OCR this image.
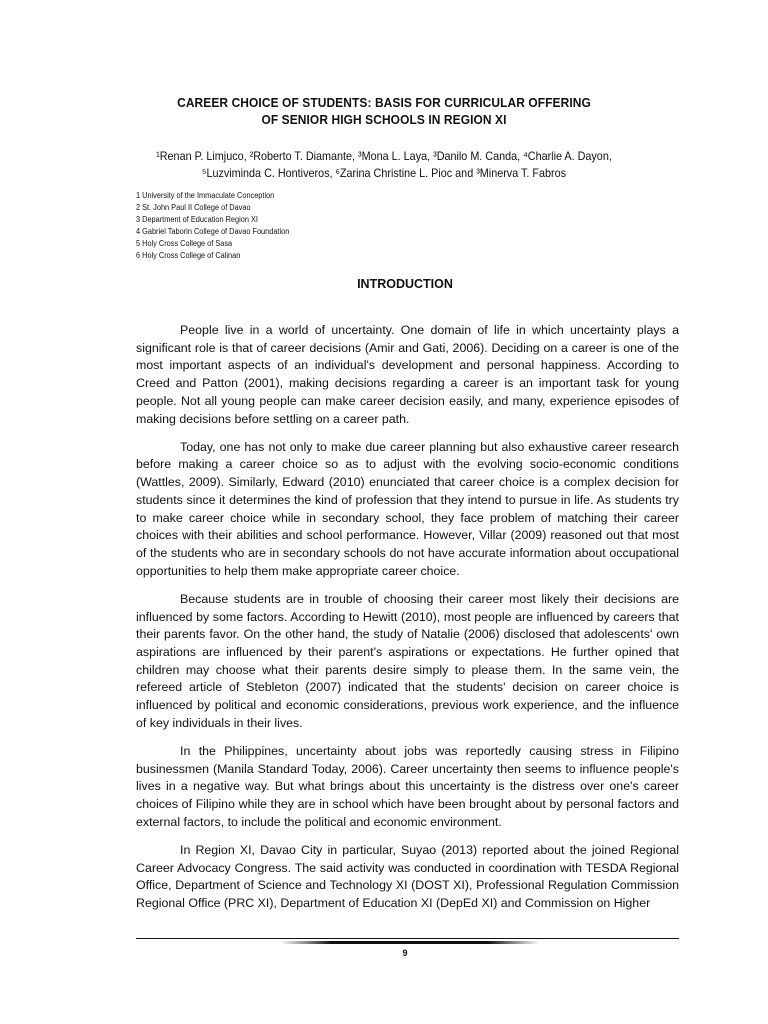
CAREER CHOICE OF STUDENTS: BASIS FOR CURRICULAR OFFERING
OF SENIOR HIGH SCHOOLS IN REGION XI
¹Renan P. Limjuco, ²Roberto T. Diamante, ³Mona L. Laya, ³Danilo M. Canda, ⁴Charlie A. Dayon,
⁵Luzviminda C. Hontiveros, ⁶Zarina Christine L. Pioc and ³Minerva T. Fabros
1 University of the Immaculate Conception
2 St. John Paul II College of Davao
3 Department of Education Region XI
4 Gabriel Taborin College of Davao Foundation
5 Holy Cross College of Sasa
6 Holy Cross College of Calinan
INTRODUCTION

People live in a world of uncertainty. One domain of life in which uncertainty plays a significant role is that of career decisions (Amir and Gati, 2006). Deciding on a career is one of the most important aspects of an individual's development and personal happiness. According to Creed and Patton (2001), making decisions regarding a career is an important task for young people. Not all young people can make career decision easily, and many, experience episodes of making decisions before settling on a career path.

Today, one has not only to make due career planning but also exhaustive career research before making a career choice so as to adjust with the evolving socio-economic conditions (Wattles, 2009). Similarly, Edward (2010) enunciated that career choice is a complex decision for students since it determines the kind of profession that they intend to pursue in life. As students try to make career choice while in secondary school, they face problem of matching their career choices with their abilities and school performance. However, Villar (2009) reasoned out that most of the students who are in secondary schools do not have accurate information about occupational opportunities to help them make appropriate career choice.

Because students are in trouble of choosing their career most likely their decisions are influenced by some factors. According to Hewitt (2010), most people are influenced by careers that their parents favor. On the other hand, the study of Natalie (2006) disclosed that adolescents' own aspirations are influenced by their parent's aspirations or expectations. He further opined that children may choose what their parents desire simply to please them. In the same vein, the refereed article of Stebleton (2007) indicated that the students' decision on career choice is influenced by political and economic considerations, previous work experience, and the influence of key individuals in their lives.

In the Philippines, uncertainty about jobs was reportedly causing stress in Filipino businessmen (Manila Standard Today, 2006). Career uncertainty then seems to influence people's lives in a negative way. But what brings about this uncertainty is the distress over one's career choices of Filipino while they are in school which have been brought about by personal factors and external factors, to include the political and economic environment.

In Region XI, Davao City in particular, Suyao (2013) reported about the joined Regional Career Advocacy Congress. The said activity was conducted in coordination with TESDA Regional Office, Department of Science and Technology XI (DOST XI), Professional Regulation Commission Regional Office (PRC XI), Department of Education XI (DepEd XI) and Commission on Higher

9
